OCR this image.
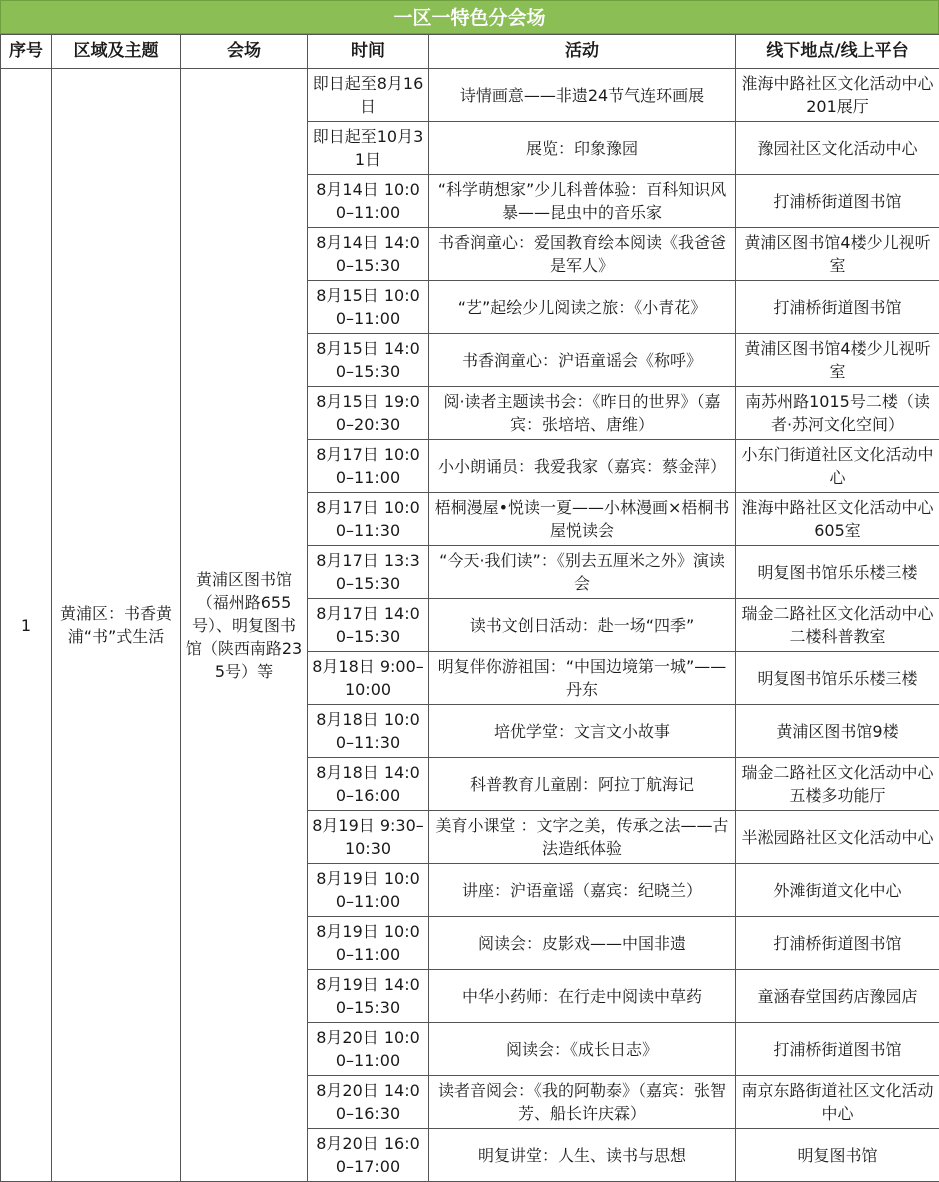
一区一特色分会场
序号	区域及主题	会场	时间	活动	线下地点/线上平台
1	黄浦区：书香黄浦“书”式生活	黄浦区图书馆（福州路655号）、明复图书馆（陕西南路235号）等	即日起至8月16日	诗情画意——非遗24节气连环画展	淮海中路社区文化活动中心201展厅
			即日起至10月31日	展览：印象豫园	豫园社区文化活动中心
			8月14日 10:00–11:00	“科学萌想家”少儿科普体验：百科知识风暴——昆虫中的音乐家	打浦桥街道图书馆
			8月14日 14:00–15:30	书香润童心：爱国教育绘本阅读《我爸爸是军人》	黄浦区图书馆4楼少儿视听室
			8月15日 10:00–11:00	“艺”起绘少儿阅读之旅：《小青花》	打浦桥街道图书馆
			8月15日 14:00–15:30	书香润童心：沪语童谣会《称呼》	黄浦区图书馆4楼少儿视听室
			8月15日 19:00–20:30	阅·读者主题读书会：《昨日的世界》（嘉宾：张培培、唐维）	南苏州路1015号二楼（读者·苏河文化空间）
			8月17日 10:00–11:00	小小朗诵员：我爱我家（嘉宾：蔡金萍）	小东门街道社区文化活动中心
			8月17日 10:00–11:30	梧桐漫屋•悦读一夏——小林漫画×梧桐书屋悦读会	淮海中路社区文化活动中心605室
			8月17日 13:30–15:30	“今天·我们读”：《别去五厘米之外》演读会	明复图书馆乐乐楼三楼
			8月17日 14:00–15:30	读书文创日活动：赴一场“四季”	瑞金二路社区文化活动中心二楼科普教室
			8月18日 9:00–10:00	明复伴你游祖国：“中国边境第一城”——丹东	明复图书馆乐乐楼三楼
			8月18日 10:00–11:30	培优学堂：文言文小故事	黄浦区图书馆9楼
			8月18日 14:00–16:00	科普教育儿童剧：阿拉丁航海记	瑞金二路社区文化活动中心五楼多功能厅
			8月19日 9:30–10:30	美育小课堂 ：文字之美，传承之法——古法造纸体验	半淞园路社区文化活动中心
			8月19日 10:00–11:00	讲座：沪语童谣（嘉宾：纪晓兰）	外滩街道文化中心
			8月19日 10:00–11:00	阅读会：皮影戏——中国非遗	打浦桥街道图书馆
			8月19日 14:00–15:30	中华小药师：在行走中阅读中草药	童涵春堂国药店豫园店
			8月20日 10:00–11:00	阅读会：《成长日志》	打浦桥街道图书馆
			8月20日 14:00–16:30	读者音阅会：《我的阿勒泰》（嘉宾：张智芳、船长许庆霖）	南京东路街道社区文化活动中心
			8月20日 16:00–17:00	明复讲堂：人生、读书与思想	明复图书馆
